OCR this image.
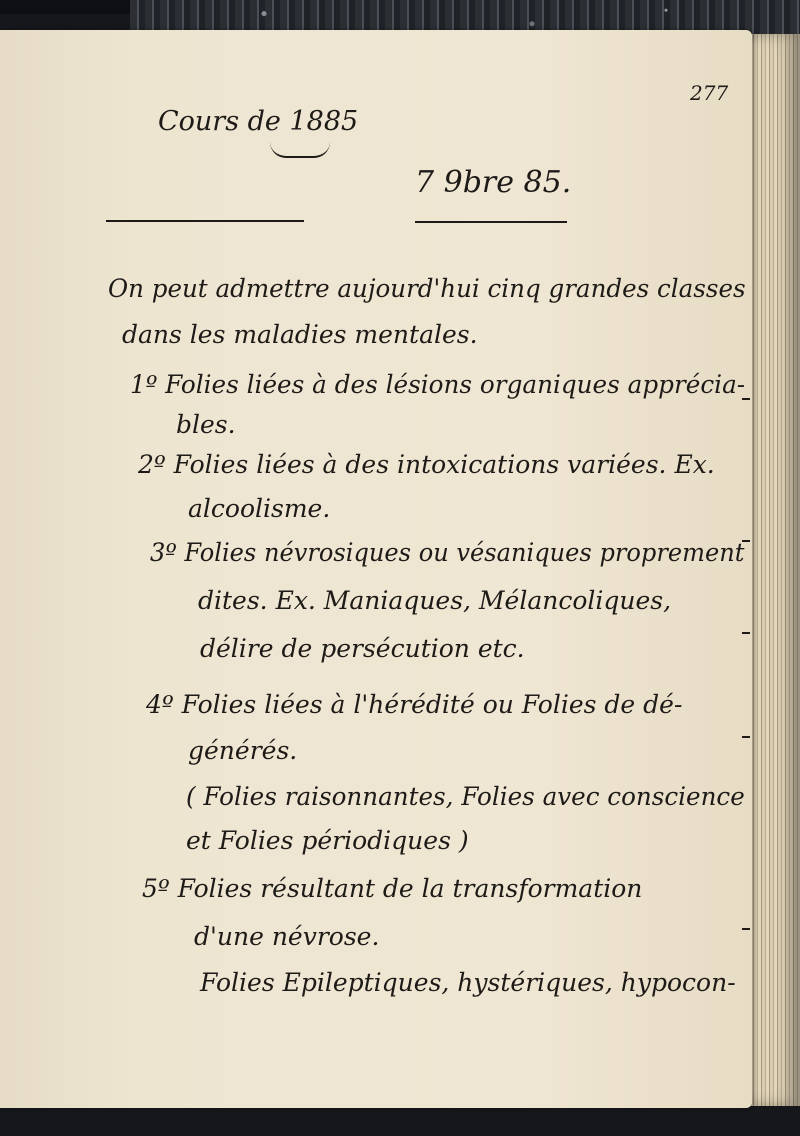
277
Cours de 1885
7 9bre 85.
On peut admettre aujourd'hui cinq grandes classes
dans les maladies mentales.
1º Folies liées à des lésions organiques apprécia-
bles.
2º Folies liées à des intoxications variées. Ex.
alcoolisme.
3º Folies névrosiques ou vésaniques proprement
dites. Ex. Maniaques, Mélancoliques,
délire de persécution etc.
4º Folies liées à l'hérédité ou Folies de dé-
générés.
( Folies raisonnantes, Folies avec conscience
et Folies périodiques )
5º Folies résultant de la transformation
d'une névrose.
Folies Epileptiques, hystériques, hypocon-
